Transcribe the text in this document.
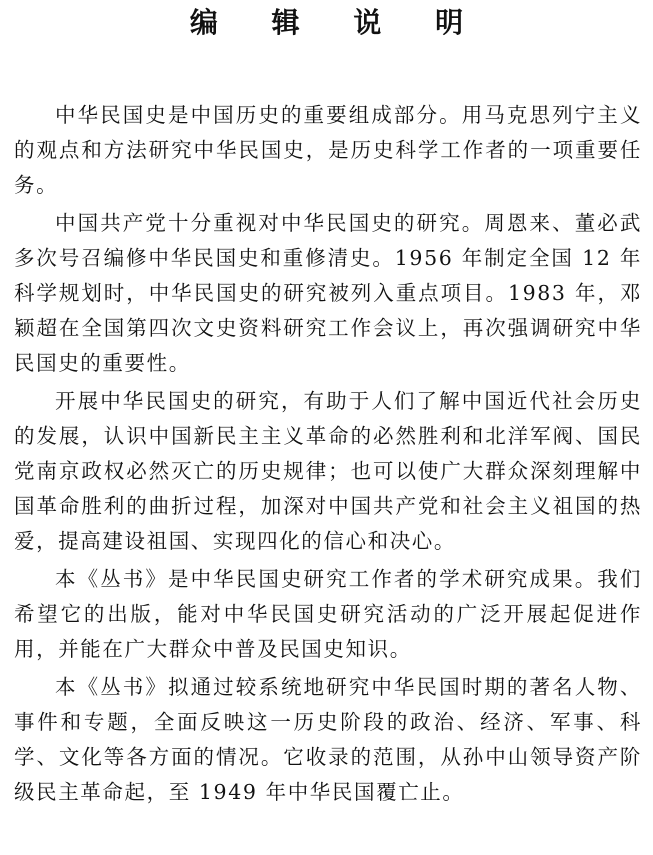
编 辑 说 明

中华民国史是中国历史的重要组成部分。用马克思列宁主义的观点和方法研究中华民国史，是历史科学工作者的一项重要任务。

中国共产党十分重视对中华民国史的研究。周恩来、董必武多次号召编修中华民国史和重修清史。1956 年制定全国 12 年科学规划时，中华民国史的研究被列入重点项目。1983 年，邓颖超在全国第四次文史资料研究工作会议上，再次强调研究中华民国史的重要性。

开展中华民国史的研究，有助于人们了解中国近代社会历史的发展，认识中国新民主主义革命的必然胜利和北洋军阀、国民党南京政权必然灭亡的历史规律；也可以使广大群众深刻理解中国革命胜利的曲折过程，加深对中国共产党和社会主义祖国的热爱，提高建设祖国、实现四化的信心和决心。

本《丛书》是中华民国史研究工作者的学术研究成果。我们希望它的出版，能对中华民国史研究活动的广泛开展起促进作用，并能在广大群众中普及民国史知识。

本《丛书》拟通过较系统地研究中华民国时期的著名人物、事件和专题，全面反映这一历史阶段的政治、经济、军事、科学、文化等各方面的情况。它收录的范围，从孙中山领导资产阶级民主革命起，至 1949 年中华民国覆亡止。
